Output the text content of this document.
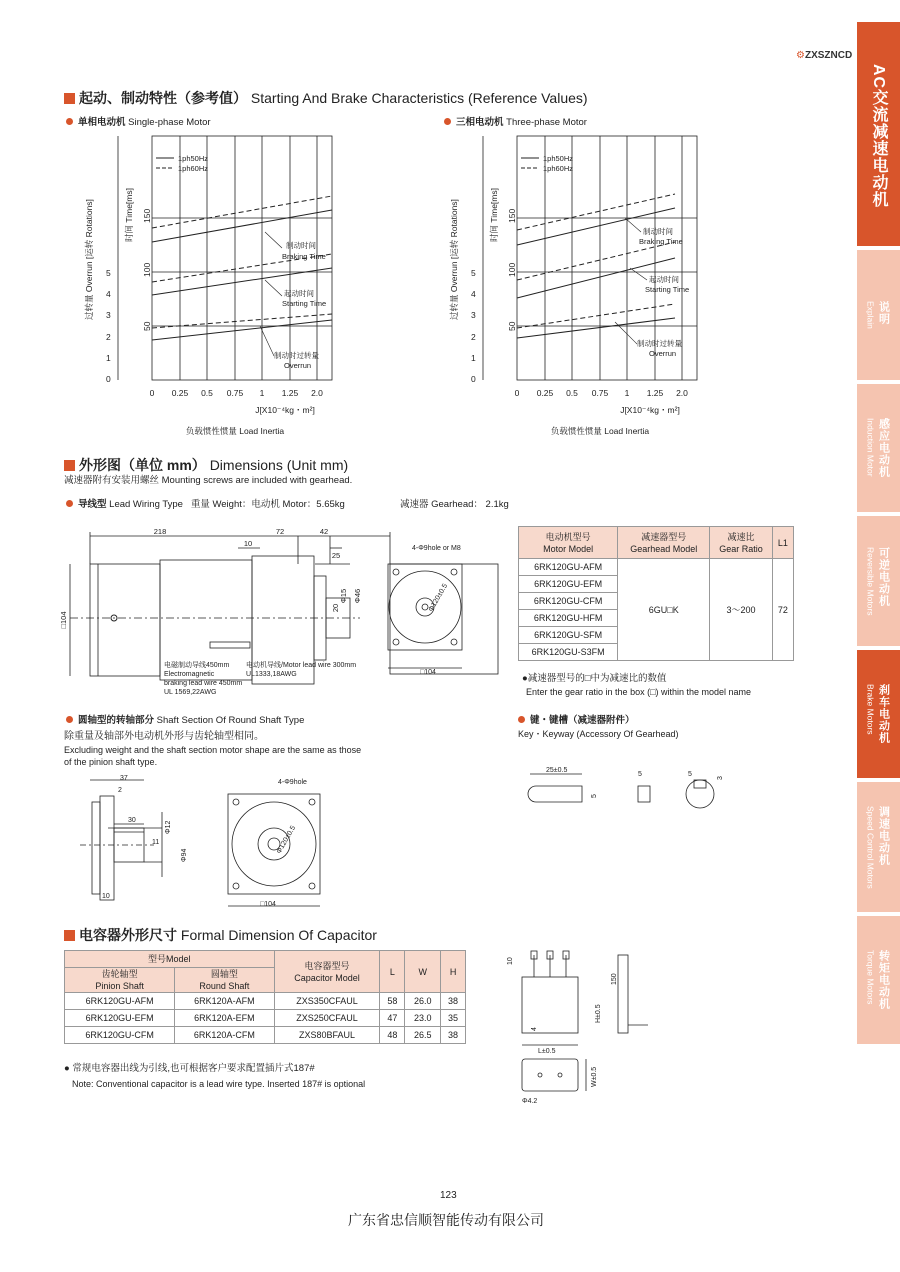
⚙ZXSZNCD
AC交流减速电动机
说明
Explain
感应电动机
Induction Motor
可逆电动机
Reversible Motors
刹车电动机
Brake Motors
调速电动机
Speed Control Motors
转矩电动机
Torque Motors
起动、制动特性（参考值） Starting And Brake Characteristics (Reference Values)
单相电动机 Single-phase Motor	三相电动机 Three-phase Motor
1ph50Hz
1ph60Hz
制动时间
Braking Time
起动时间
Starting Time
制动时过转量
Overrun
0 0.25 0.5 0.75 1 1.25 2.0
J[X10⁻⁴kg・m²]
负载惯性惯量 Load Inertia
50
100
150
时间 Time[ms]
0
1
2
3
4
5
过转量 Overrun [运转 Rotations]
1ph50Hz
1ph60Hz
制动时间
Braking Time
起动时间
Starting Time
制动时过转量
Overrun
0 0.25 0.5 0.75 1 1.25 2.0
J[X10⁻⁴kg・m²]
负载惯性惯量 Load Inertia
50
100
150
时间 Time[ms]
0
1
2
3
4
5
过转量 Overrun [运转 Rotations]
外形图（单位 mm） Dimensions (Unit mm)
减速器附有安装用螺丝 Mounting screws are included with gearhead.
导线型 Lead Wiring Type 重量 Weight：电动机 Motor：5.65kg	减速器 Gearhead： 2.1kg
218	72	42
10
25
□104
Φ15 Φ46
20
电磁制动导线450mm
Electromagnetic
braking lead wire 450mm
UL 1569,22AWG
电动机导线/Motor lead wire 300mm
UL1333,18AWG
4-Φ9hole or M8
Φ120±0.5
□104
电动机型号
Motor Model	减速器型号
Gearhead Model	减速比
Gear Ratio	L1
6RK120GU-AFM	6GU□K	3～200	72
6RK120GU-EFM			
6RK120GU-CFM			
6RK120GU-HFM			
6RK120GU-SFM			
6RK120GU-S3FM			
●减速器型号的□中为减速比的数值
Enter the gear ratio in the box (□) within the model name
圆轴型的转轴部分 Shaft Section Of Round Shaft Type
除重量及轴部外电动机外形与齿轮轴型相同。
Excluding weight and the shaft section motor shape are the same as those
of the pinion shaft type.
37
2
30
11
10
Φ12
Φ94
4-Φ9hole
Φ120±0.5
□104
键・键槽（减速器附件）
Key・Keyway (Accessory Of Gearhead)
25±0.5
5
5	5
3
电容器外形尺寸 Formal Dimension Of Capacitor
型号Model		电容器型号
Capacitor Model	L	W	H
齿轮轴型
Pinion Shaft	圆轴型
Round Shaft				
6RK120GU-AFM	6RK120A-AFM	ZXS350CFAUL	58	26.0	38
6RK120GU-EFM	6RK120A-EFM	ZXS250CFAUL	47	23.0	35
6RK120GU-CFM	6RK120A-CFM	ZXS80BFAUL	48	26.5	38
● 常规电容器出线为引线,也可根据客户要求配置插片式187#
Note: Conventional capacitor is a lead wire type. Inserted 187# is optional
10
150
H±0.5
L±0.5
W±0.5
4
Φ4.2
123
广东省忠信顺智能传动有限公司
